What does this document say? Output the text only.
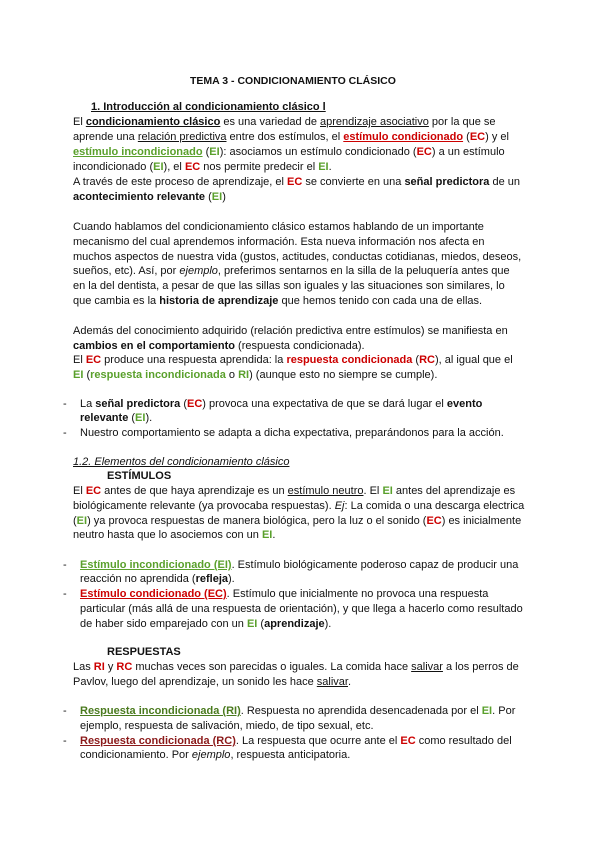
TEMA 3 - CONDICIONAMIENTO CLÁSICO
1. Introducción al condicionamiento clásico l
El condicionamiento clásico es una variedad de aprendizaje asociativo por la que se
aprende una relación predictiva entre dos estímulos, el estímulo condicionado (EC) y el
estímulo incondicionado (EI): asociamos un estímulo condicionado (EC) a un estímulo
incondicionado (EI), el EC nos permite predecir el EI.
A través de este proceso de aprendizaje, el EC se convierte en una señal predictora de un
acontecimiento relevante (EI)
Cuando hablamos del condicionamiento clásico estamos hablando de un importante
mecanismo del cual aprendemos información. Esta nueva información nos afecta en
muchos aspectos de nuestra vida (gustos, actitudes, conductas cotidianas, miedos, deseos,
sueños, etc). Así, por ejemplo, preferimos sentarnos en la silla de la peluquería antes que
en la del dentista, a pesar de que las sillas son iguales y las situaciones son similares, lo
que cambia es la historia de aprendizaje que hemos tenido con cada una de ellas.
Además del conocimiento adquirido (relación predictiva entre estímulos) se manifiesta en
cambios en el comportamiento (respuesta condicionada).
El EC produce una respuesta aprendida: la respuesta condicionada (RC), al igual que el
EI (respuesta incondicionada o RI) (aunque esto no siempre se cumple).
- La señal predictora (EC) provoca una expectativa de que se dará lugar el evento
relevante (EI).
- Nuestro comportamiento se adapta a dicha expectativa, preparándonos para la acción.
1.2. Elementos del condicionamiento clásico
ESTÍMULOS
El EC antes de que haya aprendizaje es un estímulo neutro. El EI antes del aprendizaje es
biológicamente relevante (ya provocaba respuestas). Ej: La comida o una descarga electrica
(EI) ya provoca respuestas de manera biológica, pero la luz o el sonido (EC) es inicialmente
neutro hasta que lo asociemos con un EI.
- Estímulo incondicionado (EI). Estímulo biológicamente poderoso capaz de producir una
reacción no aprendida (refleja).
- Estímulo condicionado (EC). Estímulo que inicialmente no provoca una respuesta
particular (más allá de una respuesta de orientación), y que llega a hacerlo como resultado
de haber sido emparejado con un EI (aprendizaje).
RESPUESTAS
Las RI y RC muchas veces son parecidas o iguales. La comida hace salivar a los perros de
Pavlov, luego del aprendizaje, un sonido les hace salivar.
- Respuesta incondicionada (RI). Respuesta no aprendida desencadenada por el EI. Por
ejemplo, respuesta de salivación, miedo, de tipo sexual, etc.
- Respuesta condicionada (RC). La respuesta que ocurre ante el EC como resultado del
condicionamiento. Por ejemplo, respuesta anticipatoria.
